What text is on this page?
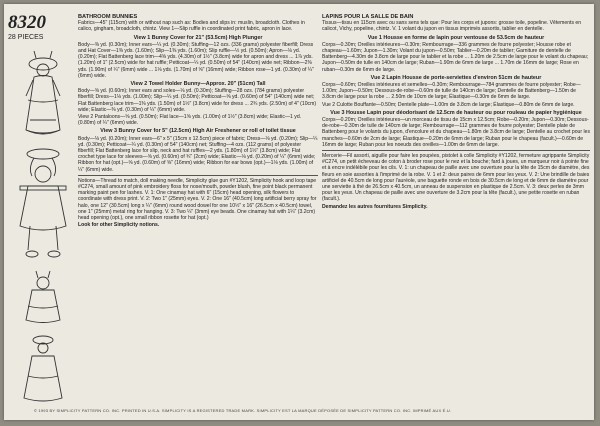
8320
28 PIECES
BATHROOM BUNNIES
Fabrics—45" (115cm) with or without nap such as: Bodies and slips in: muslin, broadcloth. Clothes in calico, gingham, broadcloth, chintz. View 1—Slip ruffle in coordinated print fabric, apron in lace.
View 1 Bunny Cover for 21" (53.5cm) High Plunger
Body—⅜ yd. (0.30m); Inner ears—¼ yd. (0.30m); Stuffing—12 ozs. (336 grams) polyester fiberfill; Dress and Hat Cover—1⅜ yds. (1.60m); Slip—1⅜ yds. (1.60m); Slip ruffle—½ yd. (0.50m); Apron—⅛ yd. (0.20m); Flat Battenberg lace trim—4⅝ yds. (4.30m) of 1½" (3.8cm) wide for apron and dress ... 1⅞ yds. (1.20m) of 1" (2.5cm) wide for hat ruffle; Petticoat—¼ yd. (0.50m) of 54" (140cm) wide net; Ribbon—2⅜ yds. (1.90m) of ¼" (6mm) wide ... 1⅛ yds. (1.70m) of ⅝" (16mm) wide; Ribbon rose—1 yd. (0.30m) of ¼" (6mm) wide.
View 2 Towel Holder Bunny—Approx. 20" (51cm) Tall
Body—⅝ yd. (0.60m); Inner ears and soles—⅛ yd. (0.30m); Stuffing—28 ozs. (784 grams) polyester fiberfill; Dress—1⅛ yds. (1.00m); Slip—¼ yd. (0.50m); Petticoat—⅝ yd. (0.60m) of 54" (140cm) wide net; Flat Battenberg lace trim—1⅜ yds. (1.50m) of 1½" (3.8cm) wide for dress ... 2¾ yds. (2.50m) of 4" (10cm) wide; Elastic—⅜ yd. (0.30m) of ¼" (6mm) wide.
View 2 Pantaloons—⅝ yd. (0.50m); Flat lace—1⅝ yds. (1.00m) of 1½" (3.8cm) wide; Elastic—1 yd. (0.80m) of ¼" (6mm) wide.
View 3 Bunny Cover for 5" (12.5cm) High Air Freshener or roll of toilet tissue
Body—⅛ yd. (0.20m); Inner ears—6" x 5" (15cm x 12.5cm) piece of fabric; Dress—⅛ yd. (0.20m); Slip—¼ yd. (0.30m); Petticoat—¼ yd. (0.30m) of 54" (140cm) net; Stuffing—4 ozs. (112 grams) of polyester fiberfill; Flat Battenberg lace for slip, neck and hat ruffles—2 yds. (1.80m) of 1½" (3.8cm) wide; Flat crochet type lace for sleeves—⅝ yd. (0.60m) of ¾" (2cm) wide; Elastic—⅛ yd. (0.20m) of ¼" (6mm) wide; Ribbon for hat (opt.)—⅝ yd. (0.60m) of ⅝" (16mm) wide; Ribbon for ear bows (opt.)—1⅛ yds. (1.00m) of ¼" (6mm) wide.
Notions—Thread to match, doll making needle, Simplicity glue gun #Y1202, Simplicity hook and loop tape #C274, small amount of pink embroidery floss for nose/mouth, powder blush, fine point black permanent marking paint pen for lashes. V. 1: One cinamay hat with 6" (15cm) head opening, silk flowers to coordinate with dress print. V. 2: Two 1" (25mm) eyes. V. 2: One 16" (40.5cm) long artificial berry spray for halo, one 12" (30.5cm) long x ¼" (6mm) round wood dowel for one 10½" x 16" (26.5cm x 40.5cm) towel, one 1" (25mm) metal ring for hanging. V. 3: Two ¼" (3mm) eye beads. One cinamay hat with 1¼" (3.2cm) head opening (opt.), one small ribbon rosette for hat (opt.)
Look for other Simplicity notions.
LAPINS POUR LA SALLE DE BAIN
Tissus—tissu en 115cm avec ou sans sens tels que: Pour les corps et jupons: grosse toile, popeline. Vêtements en calicot, Vichy, popeline, chintz. V. 1 volant du jupon en tissus imprimés assortis, tablier en dentelle.
Vue 1 Housse en forme de lapin pour ventouse de 53.5cm de hauteur
Corps—0.30m; Oreilles intérieures—0.30m; Rembourrage—336 grammes de fourre polyester; Housse robe et chapeau—1.60m; Jupon—1.30m; Volant du jupon—0.50m; Tablier—0.20m de tablier; Garniture de dentelle de Battenberg—4.30m de 3.8cm de large pour le tablier et la robe ... 1.20m de 2.5cm de large pour le volant du chapeau; Jupon—0.50m de tulle en 140cm de large; Ruban—1.90m de 6mm de large ... 1.70m de 16mm de large; Rose en ruban—0.30m de 6mm de large.
Vue 2 Lapin Housse de porte-serviettes d'environ 51cm de hauteur
Corps—0.60m; Oreilles intérieures et semelles—0.30m; Rembourrage—784 grammes de fourre polyester; Robe—1.00m; Jupon—0.50m; Dessous-de-robe—0.60m de tulle de 140cm de large; Dentelle de Battenberg—1.50m de 3.8cm de large pour la robe ... 2.50m de 10cm de large; Élastique—0.30m de 6mm de large.
Vue 2 Culotte Bouffante—0.50m; Dentelle plate—1.00m de 3.8cm de large; Élastique—0.80m de 6mm de large.
Vue 3 Housse Lapin pour déodorisant de 12.5cm de hauteur ou pour rouleau de papier hygiénique
Corps—0.20m; Oreilles intérieures—un morceau de tissu de 15cm x 12.5cm; Robe—0.20m; Jupon—0.30m; Dessous-de-robe—0.30m de tulle de 140cm de large; Rembourrage—112 grammes de fourre polyester; Dentelle plate de Battenberg pour le volants du jupon, d'encolure et du chapeau—1.80m de 3.8cm de large; Dentelle au crochet pour les manches—0.60m de 2cm de large; Élastique—0.20m de 6mm de large; Ruban pour le chapeau (facult.)—0.60m de 16mm de large; Ruban pour les noeuds des oreilles—1.00m de 6mm de large.
Mercerie—Fil assorti, aiguille pour faire les poupées, pistolet à colle Simplicity #Y1202, fermeture agrippante Simplicity #C274, un petit écheveau de coton à broder rose pour le nez et la bouche; fard à joues, un marqueur noir à pointe fine et à encre indélébile pour les cils. V. 1: un chapeau de paille avec une ouverture pour la tête de 15cm de diamètre, des fleurs en soie assorties à l'imprimé de la robe. V. 1 et 2: deux paires de 6mm pour les yeux. V. 2: Une brindille de baies artificiel de 40.5cm de long pour l'auréole, une baguette ronde en bois de 30.5cm de long et de 6mm de diamètre pour une serviette à thé de 26.5cm x 40.5cm, un anneau de suspension en plastique de 2.5cm. V. 3: deux perles de 3mm pour les yeux. Un chapeau de paille avec une ouverture de 3.2cm pour la tête (facult.), une petite rosette en ruban (facult.).
Demandez les autres fournitures Simplicity.
© 1993 BY SIMPLICITY PATTERN CO. INC. PRINTED IN U.S.A. SIMPLICITY IS A REGISTERED TRADE MARK. SIMPLICITY EST LA MARQUE DÉPOSÉE DE SIMPLICITY PATTERN CO. INC. IMPRIMÉ AUX É.U.
